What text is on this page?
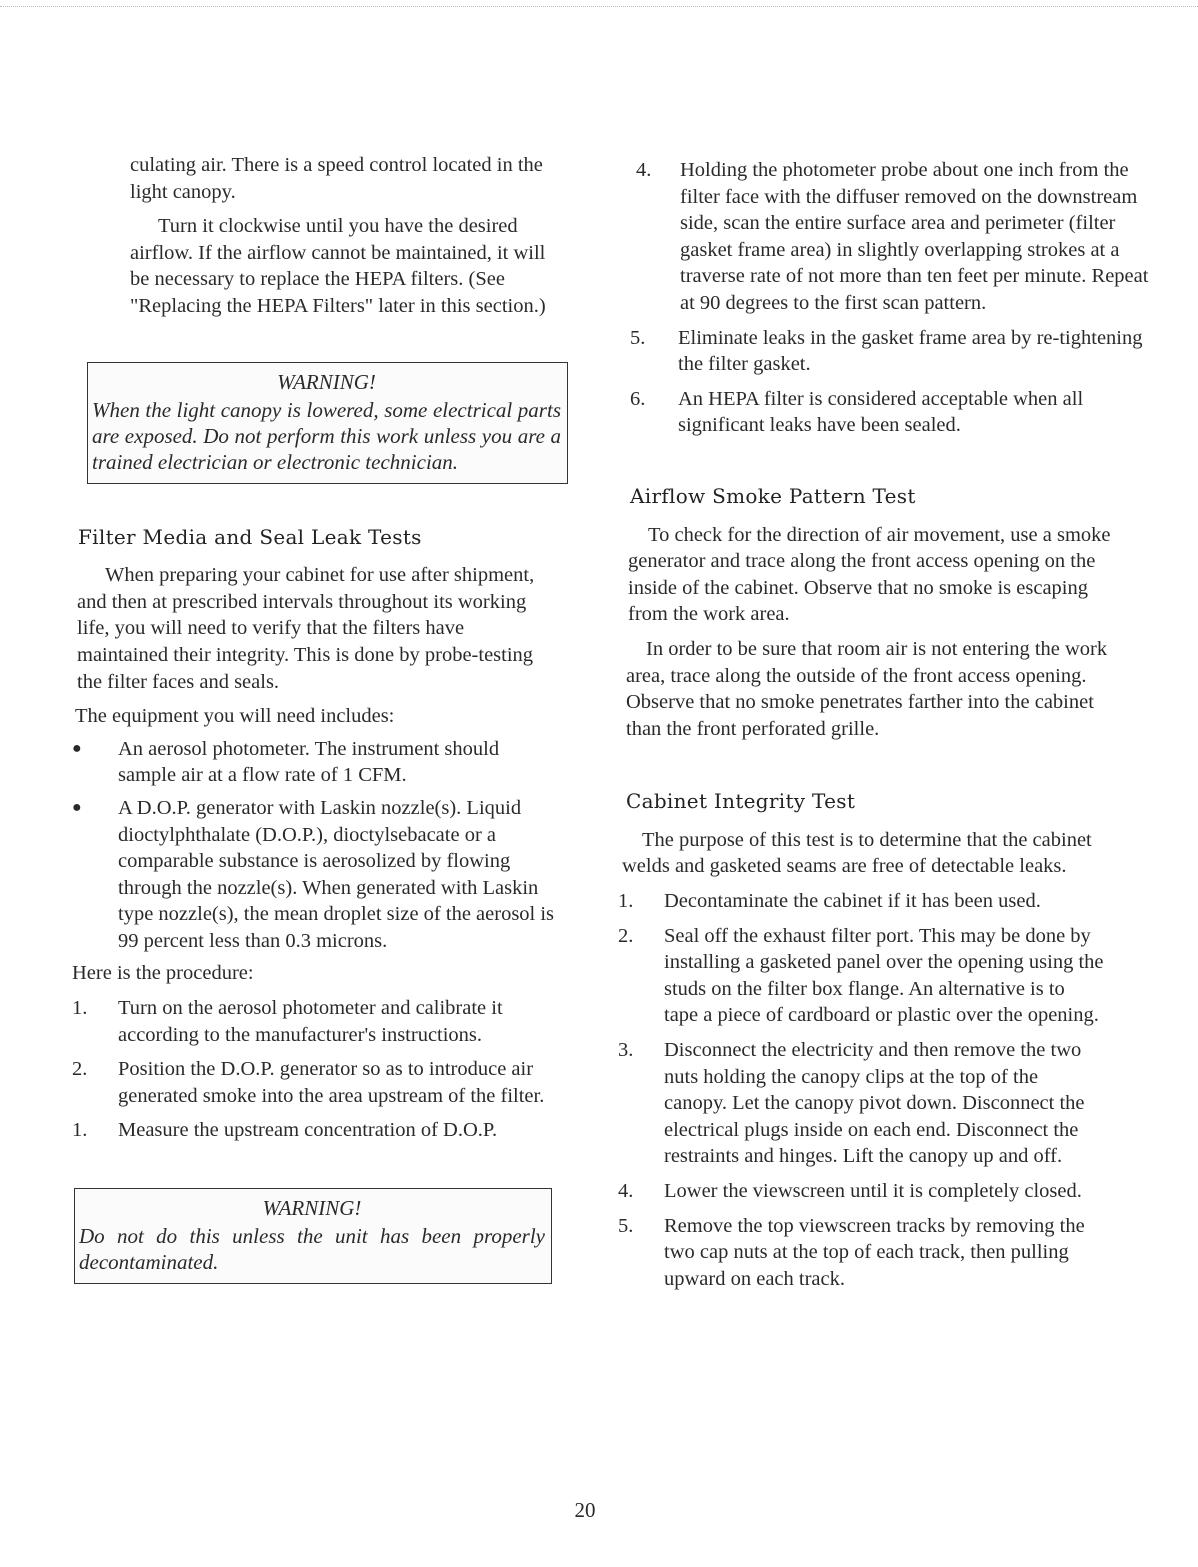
culating air. There is a speed control located in the light canopy.

Turn it clockwise until you have the desired airflow. If the airflow cannot be maintained, it will be necessary to replace the HEPA filters. (See "Replacing the HEPA Filters" later in this section.)

WARNING!
When the light canopy is lowered, some electrical parts are exposed. Do not perform this work unless you are a trained electrician or electronic technician.
Filter Media and Seal Leak Tests

When preparing your cabinet for use after shipment, and then at prescribed intervals throughout its working life, you will need to verify that the filters have maintained their integrity. This is done by probe-testing the filter faces and seals.

The equipment you will need includes:

● An aerosol photometer. The instrument should sample air at a flow rate of 1 CFM.
● A D.O.P. generator with Laskin nozzle(s). Liquid dioctylphthalate (D.O.P.), dioctylsebacate or a comparable substance is aerosolized by flowing through the nozzle(s). When generated with Laskin type nozzle(s), the mean droplet size of the aerosol is 99 percent less than 0.3 microns.

Here is the procedure:

1. Turn on the aerosol photometer and calibrate it according to the manufacturer's instructions.
2. Position the D.O.P. generator so as to introduce air generated smoke into the area upstream of the filter.
1. Measure the upstream concentration of D.O.P.
WARNING!
Do not do this unless the unit has been properly decontaminated.
4. Holding the photometer probe about one inch from the filter face with the diffuser removed on the downstream side, scan the entire surface area and perimeter (filter gasket frame area) in slightly overlapping strokes at a traverse rate of not more than ten feet per minute. Repeat at 90 degrees to the first scan pattern.
5. Eliminate leaks in the gasket frame area by re-tightening the filter gasket.
6. An HEPA filter is considered acceptable when all significant leaks have been sealed.
Airflow Smoke Pattern Test

To check for the direction of air movement, use a smoke generator and trace along the front access opening on the inside of the cabinet. Observe that no smoke is escaping from the work area.

In order to be sure that room air is not entering the work area, trace along the outside of the front access opening. Observe that no smoke penetrates farther into the cabinet than the front perforated grille.

Cabinet Integrity Test

The purpose of this test is to determine that the cabinet welds and gasketed seams are free of detectable leaks.

1. Decontaminate the cabinet if it has been used.
2. Seal off the exhaust filter port. This may be done by installing a gasketed panel over the opening using the studs on the filter box flange. An alternative is to tape a piece of cardboard or plastic over the opening.
3. Disconnect the electricity and then remove the two nuts holding the canopy clips at the top of the canopy. Let the canopy pivot down. Disconnect the electrical plugs inside on each end. Disconnect the restraints and hinges. Lift the canopy up and off.
4. Lower the viewscreen until it is completely closed.
5. Remove the top viewscreen tracks by removing the two cap nuts at the top of each track, then pulling upward on each track.
20
